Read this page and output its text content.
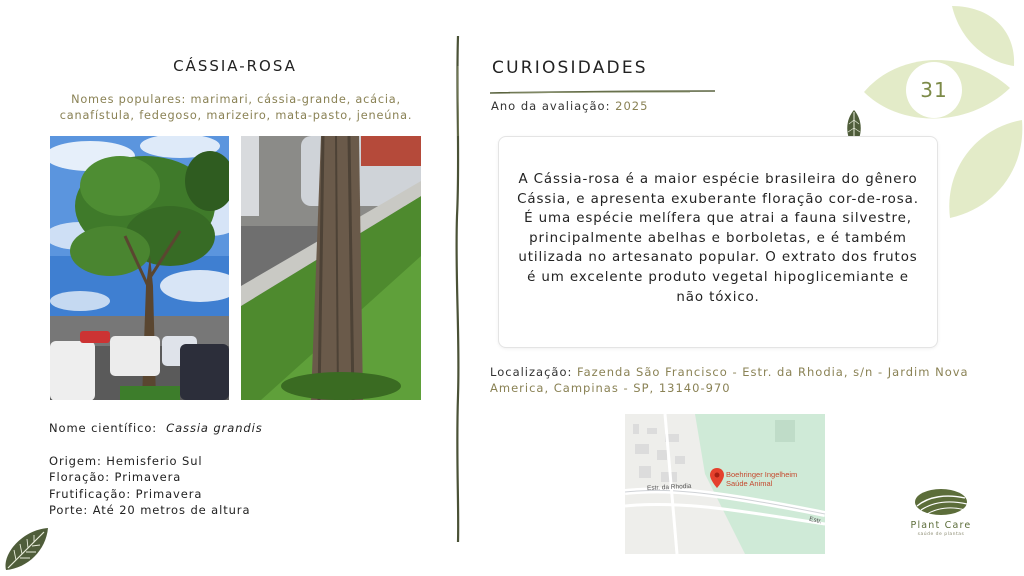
CÁSSIA-ROSA
Nomes populares: marimari, cássia-grande, acácia, canafístula, fedegoso, marizeiro, mata-pasto, jeneúna.
Nome científico: Cassia grandis
Origem: Hemisferio Sul
Floração: Primavera
Frutificação: Primavera
Porte: Até 20 metros de altura
CURIOSIDADES
Ano da avaliação: 2025

A Cássia-rosa é a maior espécie brasileira do gênero Cássia, e apresenta exuberante floração cor-de-rosa. É uma espécie melífera que atrai a fauna silvestre, principalmente abelhas e borboletas, e é também utilizada no artesanato popular. O extrato dos frutos é um excelente produto vegetal hipoglicemiante e não tóxico.

Localização: Fazenda São Francisco - Estr. da Rhodia, s/n - Jardim Nova America, Campinas - SP, 13140-970
Boehringer Ingelheim
Saúde Animal
Estr. da Rhodia
Estr.
31
Plant Care
saúde de plantas
